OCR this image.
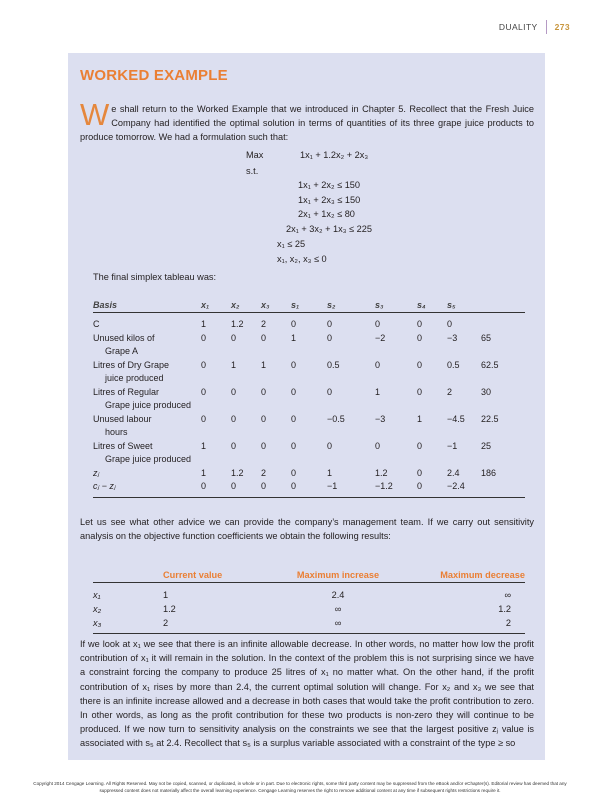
DUALITY	273
WORKED EXAMPLE
W e shall return to the Worked Example that we introduced in Chapter 5. Recollect that the Fresh Juice Company had identified the optimal solution in terms of quantities of its three grape juice products to produce tomorrow. We had a formulation such that:
Max	1x₁ + 1.2x₂ + 2x₃
s.t.
1x₁ + 2x₂ ≤ 150
1x₁ + 2x₃ ≤ 150
2x₁ + 1x₂ ≤ 80
2x₁ + 3x₂ + 1x₃ ≤ 225
x₁ ≤ 25
x₁, x₂, x₃ ≤ 0
The final simplex tableau was:
Basis	x₁	x₂	x₃	s₁	s₂	s₃	s₄	s₅	
C	1	1.2	2	0	0	0	0	0	
Unused kilos of
Grape A	0	0	0	1	0	−2	0	−3	65
Litres of Dry Grape
juice produced	0	1	1	0	0.5	0	0	0.5	62.5
Litres of Regular
Grape juice produced	0	0	0	0	0	1	0	2	30
Unused labour
hours	0	0	0	0	−0.5	−3	1	−4.5	22.5
Litres of Sweet
Grape juice produced	1	0	0	0	0	0	0	−1	25
zⱼ	1	1.2	2	0	1	1.2	0	2.4	186
cⱼ − zⱼ	0	0	0	0	−1	−1.2	0	−2.4	
Let us see what other advice we can provide the company’s management team. If we carry out sensitivity analysis on the objective function coefficients we obtain the following results:
	Current value	Maximum increase	Maximum decrease
x₁	1	2.4	∞
x₂	1.2	∞	1.2
x₃	2	∞	2
If we look at x₁ we see that there is an infinite allowable decrease. In other words, no matter how low the profit contribution of x₁ it will remain in the solution. In the context of the problem this is not surprising since we have a constraint forcing the company to produce 25 litres of x₁ no matter what. On the other hand, if the profit contribution of x₁ rises by more than 2.4, the current optimal solution will change. For x₂ and x₃ we see that there is an infinite increase allowed and a decrease in both cases that would take the profit contribution to zero. In other words, as long as the profit contribution for these two products is non-zero they will continue to be produced. If we now turn to sensitivity analysis on the constraints we see that the largest positive zⱼ value is associated with s₅ at 2.4. Recollect that s₅ is a surplus variable associated with a constraint of the type ≥ so
Copyright 2014 Cengage Learning. All Rights Reserved. May not be copied, scanned, or duplicated, in whole or in part. Due to electronic rights, some third party content may be suppressed from the eBook and/or eChapter(s). Editorial review has deemed that any suppressed content does not materially affect the overall learning experience. Cengage Learning reserves the right to remove additional content at any time if subsequent rights restrictions require it.
